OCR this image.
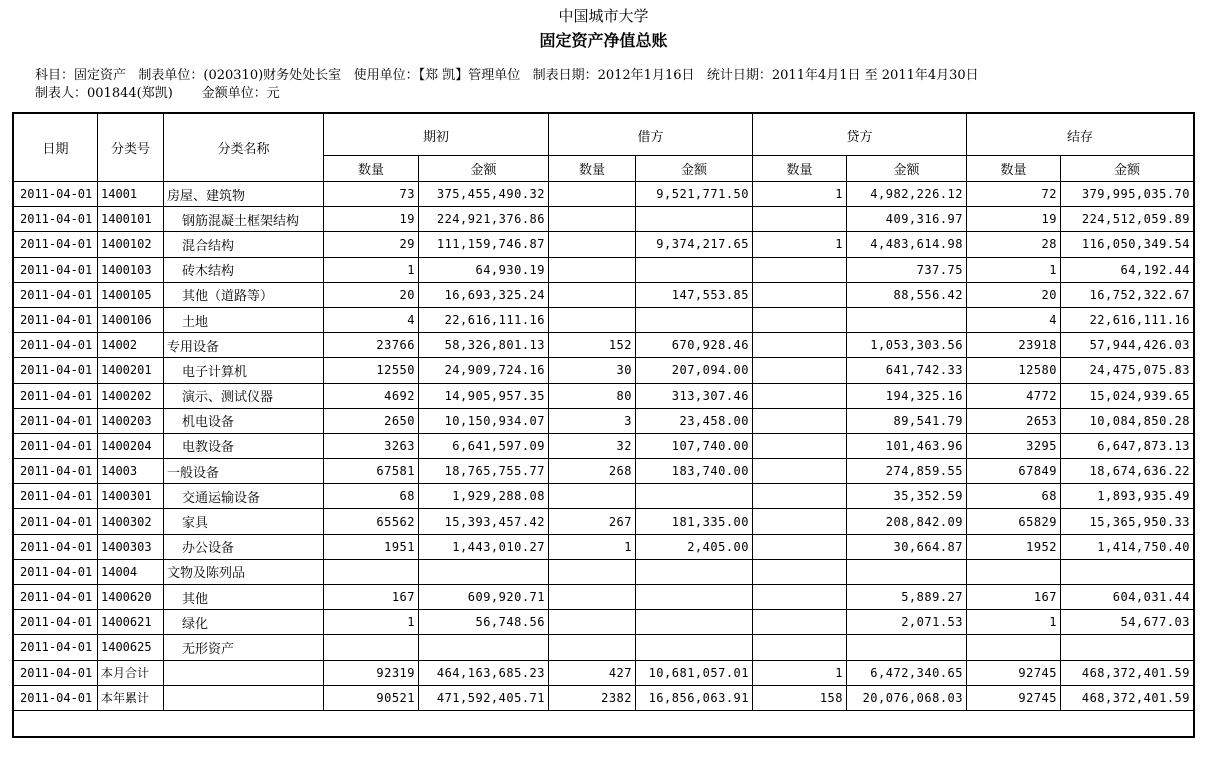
中国城市大学
固定资产净值总账
科目：固定资产   制表单位：(020310)财务处处长室   使用单位：【郑 凯】管理单位   制表日期：2012年1月16日   统计日期：2011年4月1日 至 2011年4月30日
制表人：001844(郑凯)       金额单位：元
日期	分类号	分类名称	期初		借方		贷方		结存	
			数量	金额	数量	金额	数量	金额	数量	金额
2011-04-01	14001	房屋、建筑物	73	375,455,490.32		9,521,771.50	1	4,982,226.12	72	379,995,035.70
2011-04-01	1400101	钢筋混凝土框架结构	19	224,921,376.86				409,316.97	19	224,512,059.89
2011-04-01	1400102	混合结构	29	111,159,746.87		9,374,217.65	1	4,483,614.98	28	116,050,349.54
2011-04-01	1400103	砖木结构	1	64,930.19				737.75	1	64,192.44
2011-04-01	1400105	其他（道路等）	20	16,693,325.24		147,553.85		88,556.42	20	16,752,322.67
2011-04-01	1400106	土地	4	22,616,111.16					4	22,616,111.16
2011-04-01	14002	专用设备	23766	58,326,801.13	152	670,928.46		1,053,303.56	23918	57,944,426.03
2011-04-01	1400201	电子计算机	12550	24,909,724.16	30	207,094.00		641,742.33	12580	24,475,075.83
2011-04-01	1400202	演示、测试仪器	4692	14,905,957.35	80	313,307.46		194,325.16	4772	15,024,939.65
2011-04-01	1400203	机电设备	2650	10,150,934.07	3	23,458.00		89,541.79	2653	10,084,850.28
2011-04-01	1400204	电教设备	3263	6,641,597.09	32	107,740.00		101,463.96	3295	6,647,873.13
2011-04-01	14003	一般设备	67581	18,765,755.77	268	183,740.00		274,859.55	67849	18,674,636.22
2011-04-01	1400301	交通运输设备	68	1,929,288.08				35,352.59	68	1,893,935.49
2011-04-01	1400302	家具	65562	15,393,457.42	267	181,335.00		208,842.09	65829	15,365,950.33
2011-04-01	1400303	办公设备	1951	1,443,010.27	1	2,405.00		30,664.87	1952	1,414,750.40
2011-04-01	14004	文物及陈列品								
2011-04-01	1400620	其他	167	609,920.71				5,889.27	167	604,031.44
2011-04-01	1400621	绿化	1	56,748.56				2,071.53	1	54,677.03
2011-04-01	1400625	无形资产								
2011-04-01	本月合计		92319	464,163,685.23	427	10,681,057.01	1	6,472,340.65	92745	468,372,401.59
2011-04-01	本年累计		90521	471,592,405.71	2382	16,856,063.91	158	20,076,068.03	92745	468,372,401.59
